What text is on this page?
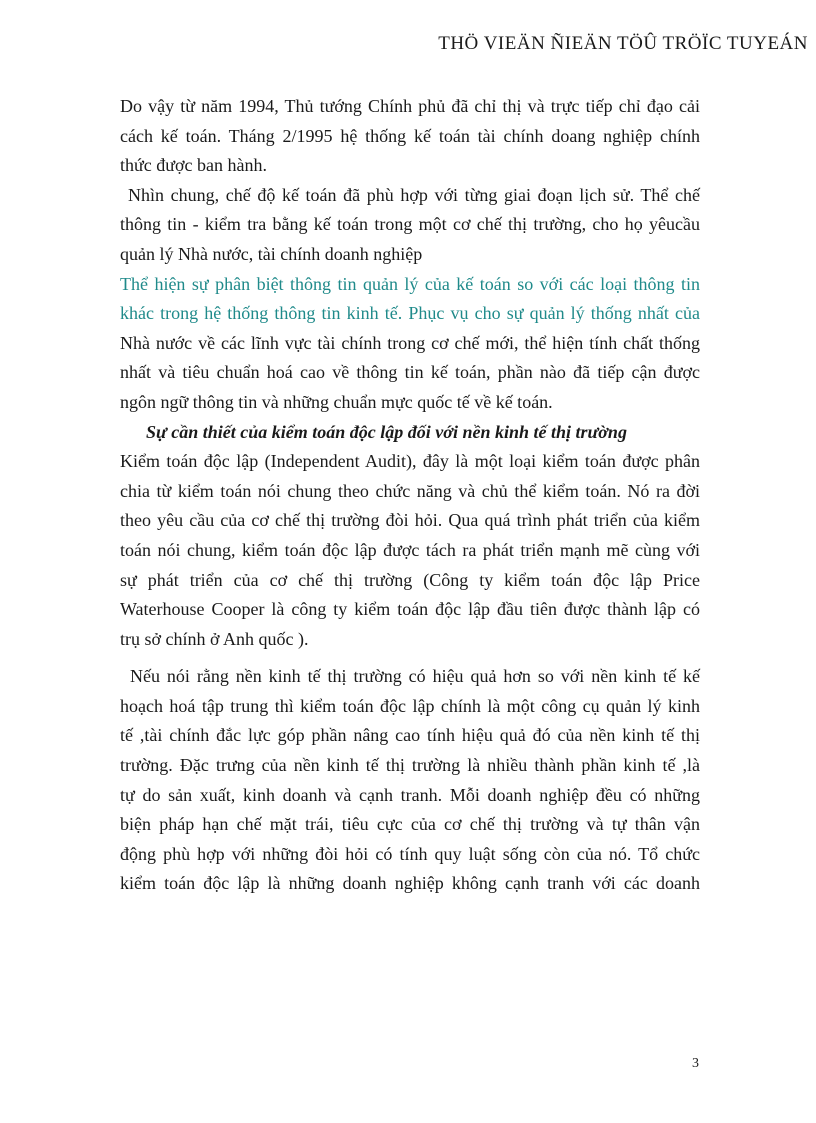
THÖ VIEÄN ÑIEÄN TÖÛ TRÖÏC TUYEÁN
Do vậy từ năm 1994, Thủ tướng Chính phủ đã chỉ thị và trực tiếp chỉ đạo cải
cách kế toán. Tháng 2/1995 hệ thống kế toán tài chính doang nghiệp chính
thức được ban hành.
Nhìn chung, chế độ kế toán đã phù hợp với từng giai đoạn lịch sử. Thể chế
thông tin - kiểm tra bằng kế toán trong một cơ chế thị trường, cho họ yêucầu
quản lý Nhà nước, tài chính doanh nghiệp
Thể hiện sự phân biệt thông tin quản lý của kế toán so với các loại thông tin
khác trong hệ thống thông tin kinh tế. Phục vụ cho sự quản lý thống nhất của
Nhà nước về các lĩnh vực tài chính trong cơ chế mới, thể hiện tính chất thống
nhất và tiêu chuẩn hoá cao về thông tin kế toán, phần nào đã tiếp cận được
ngôn ngữ thông tin và những chuẩn mực quốc tế về kế toán.
Sự cần thiết của kiểm toán độc lập đối với nền kinh tế thị trường
Kiểm toán độc lập (Independent Audit), đây là một loại kiểm toán được phân
chia từ kiểm toán nói chung theo chức năng và chủ thể kiểm toán. Nó ra đời
theo yêu cầu của cơ chế thị trường đòi hỏi. Qua quá trình phát triển của kiểm
toán nói chung, kiểm toán độc lập được tách ra phát triển mạnh mẽ cùng với
sự phát triển của cơ chế thị trường (Công ty kiểm toán độc lập Price
Waterhouse Cooper là công ty kiểm toán độc lập đầu tiên được thành lập có
trụ sở chính ở Anh quốc ).
Nếu nói rằng nền kinh tế thị trường có hiệu quả hơn so với nền kinh tế kế
hoạch hoá tập trung thì kiểm toán độc lập chính là một công cụ quản lý kinh
tế ,tài chính đắc lực góp phần nâng cao tính hiệu quả đó của nền kinh tế thị
trường. Đặc trưng của nền kinh tế thị trường là nhiều thành phần kinh tế ,là
tự do sản xuất, kinh doanh và cạnh tranh. Mỗi doanh nghiệp đều có những
biện pháp hạn chế mặt trái, tiêu cực của cơ chế thị trường và tự thân vận
động phù hợp với những đòi hỏi có tính quy luật sống còn của nó. Tổ chức
kiểm toán độc lập là những doanh nghiệp không cạnh tranh với các doanh
3
